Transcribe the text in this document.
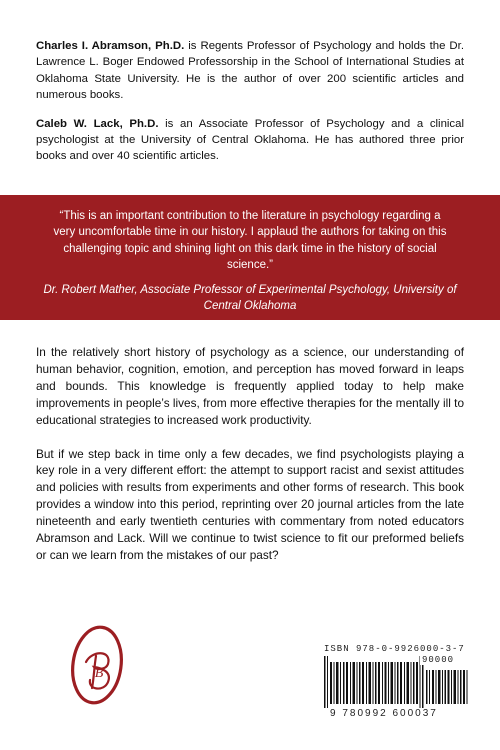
Charles I. Abramson, Ph.D. is Regents Professor of Psychology and holds the Dr. Lawrence L. Boger Endowed Professorship in the School of International Studies at Oklahoma State University. He is the author of over 200 scientific articles and numerous books.

Caleb W. Lack, Ph.D. is an Associate Professor of Psychology and a clinical psychologist at the University of Central Oklahoma. He has authored three prior books and over 40 scientific articles.

“This is an important contribution to the literature in psychology regarding a very uncomfortable time in our history. I applaud the authors for taking on this challenging topic and shining light on this dark time in the history of social science.”
Dr. Robert Mather, Associate Professor of Experimental Psychology, University of Central Oklahoma

In the relatively short history of psychology as a science, our understanding of human behavior, cognition, emotion, and perception has moved forward in leaps and bounds. This knowledge is frequently applied today to help make improvements in people’s lives, from more effective therapies for the mentally ill to educational strategies to increased work productivity.

But if we step back in time only a few decades, we find psychologists playing a key role in a very different effort: the attempt to support racist and sexist attitudes and policies with results from experiments and other forms of research. This book provides a window into this period, reprinting over 20 journal articles from the late nineteenth and early twentieth centuries with commentary from noted educators Abramson and Lack. Will we continue to twist science to fit our preformed beliefs or can we learn from the mistakes of our past?

B
ISBN 978-0-9926000-3-7
90000
9 780992 600037
